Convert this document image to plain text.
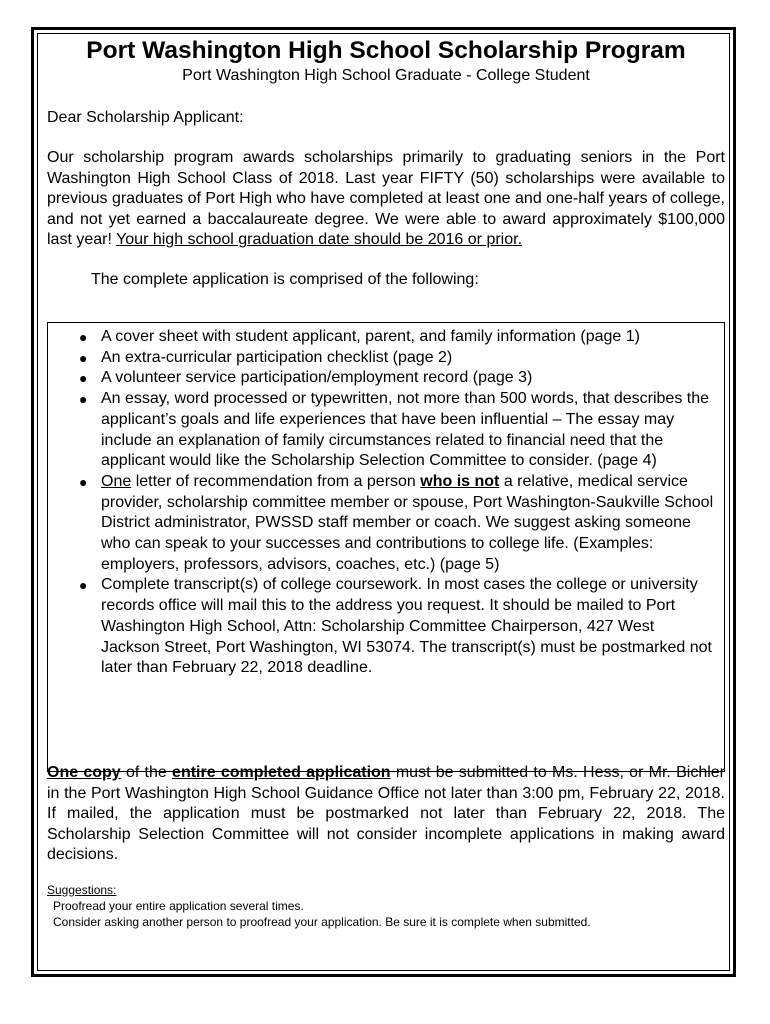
Port Washington High School Scholarship Program

Port Washington High School Graduate - College Student

Dear Scholarship Applicant:

Our scholarship program awards scholarships primarily to graduating seniors in the Port Washington High School Class of 2018. Last year FIFTY (50) scholarships were available to previous graduates of Port High who have completed at least one and one-half years of college, and not yet earned a baccalaureate degree. We were able to award approximately $100,000 last year! Your high school graduation date should be 2016 or prior.

The complete application is comprised of the following:

● A cover sheet with student applicant, parent, and family information (page 1)
● An extra-curricular participation checklist (page 2)
● A volunteer service participation/employment record (page 3)
● An essay, word processed or typewritten, not more than 500 words, that describes the applicant’s goals and life experiences that have been influential – The essay may include an explanation of family circumstances related to financial need that the applicant would like the Scholarship Selection Committee to consider. (page 4)
● One letter of recommendation from a person who is not a relative, medical service provider, scholarship committee member or spouse, Port Washington-Saukville School District administrator, PWSSD staff member or coach. We suggest asking someone who can speak to your successes and contributions to college life. (Examples: employers, professors, advisors, coaches, etc.) (page 5)
● Complete transcript(s) of college coursework. In most cases the college or university records office will mail this to the address you request. It should be mailed to Port Washington High School, Attn: Scholarship Committee Chairperson, 427 West Jackson Street, Port Washington, WI 53074. The transcript(s) must be postmarked not later than February 22, 2018 deadline.

One copy of the entire completed application must be submitted to Ms. Hess, or Mr. Bichler in the Port Washington High School Guidance Office not later than 3:00 pm, February 22, 2018. If mailed, the application must be postmarked not later than February 22, 2018. The Scholarship Selection Committee will not consider incomplete applications in making award decisions.

Suggestions:
Proofread your entire application several times.
Consider asking another person to proofread your application. Be sure it is complete when submitted.
